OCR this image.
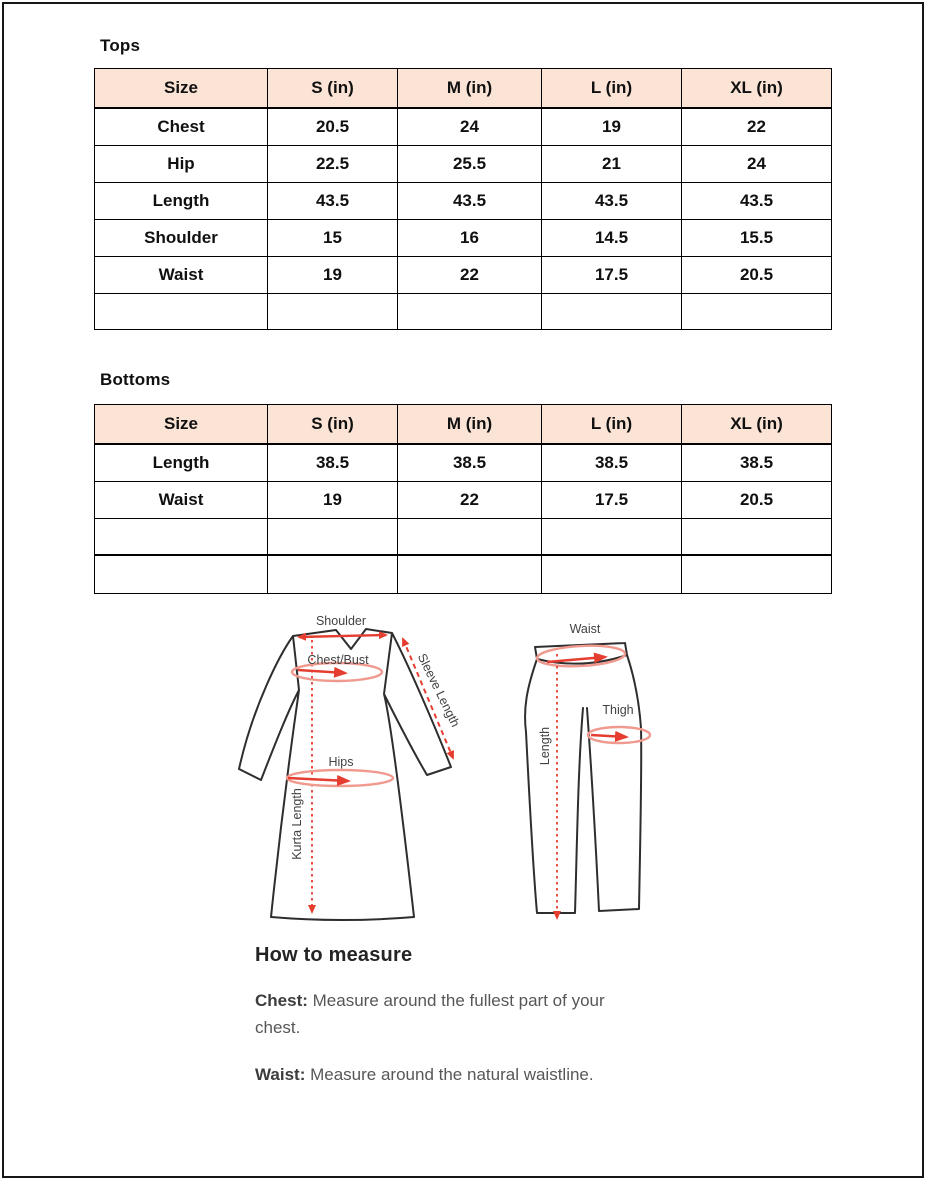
Tops
Size	S (in)	M (in)	L (in)	XL (in)
Chest	20.5	24	19	22
Hip	22.5	25.5	21	24
Length	43.5	43.5	43.5	43.5
Shoulder	15	16	14.5	15.5
Waist	19	22	17.5	20.5

Bottoms
Size	S (in)	M (in)	L (in)	XL (in)
Length	38.5	38.5	38.5	38.5
Waist	19	22	17.5	20.5

Shoulder
Chest/Bust
Hips
Sleeve Length
Kurta Length
Waist
Thigh
Length
How to measure

Chest: Measure around the fullest part of your chest.

Waist: Measure around the natural waistline.
